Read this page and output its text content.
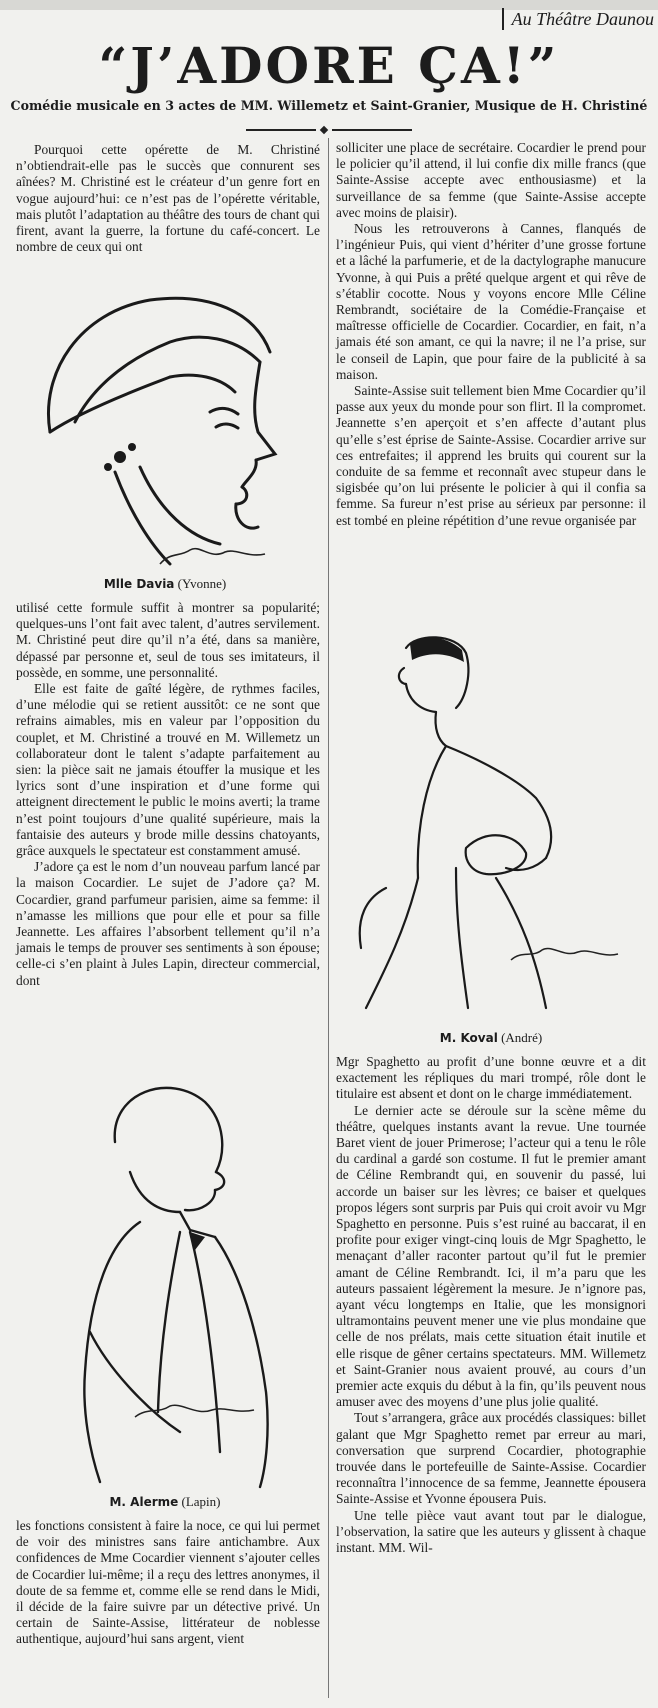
Au Théâtre Daunou
“J’ADORE ÇA!”
Comédie musicale en 3 actes de MM. Willemetz et Saint-Granier, Musique de H. Christiné

Pourquoi cette opérette de M. Christiné n’obtiendrait-elle pas le succès que connurent ses aînées? M. Christiné est le créateur d’un genre fort en vogue aujourd’hui: ce n’est pas de l’opérette véritable, mais plutôt l’adaptation au théâtre des tours de chant qui firent, avant la guerre, la fortune du café-concert. Le nombre de ceux qui ont

Mlle Davia (Yvonne)

utilisé cette formule suffit à montrer sa popularité; quelques-uns l’ont fait avec talent, d’autres servilement. M. Christiné peut dire qu’il n’a été, dans sa manière, dépassé par personne et, seul de tous ses imitateurs, il possède, en somme, une personnalité.

Elle est faite de gaîté légère, de rythmes faciles, d’une mélodie qui se retient aussitôt: ce ne sont que refrains aimables, mis en valeur par l’opposition du couplet, et M. Christiné a trouvé en M. Willemetz un collaborateur dont le talent s’adapte parfaitement au sien: la pièce sait ne jamais étouffer la musique et les lyrics sont d’une inspiration et d’une forme qui atteignent directement le public le moins averti; la trame n’est point toujours d’une qualité supérieure, mais la fantaisie des auteurs y brode mille dessins chatoyants, grâce auxquels le spectateur est constamment amusé.

J’adore ça est le nom d’un nouveau parfum lancé par la maison Cocardier. Le sujet de J’adore ça? M. Cocardier, grand parfumeur parisien, aime sa femme: il n’amasse les millions que pour elle et pour sa fille Jeannette. Les affaires l’absorbent tellement qu’il n’a jamais le temps de prouver ses sentiments à son épouse; celle-ci s’en plaint à Jules Lapin, directeur commercial, dont

M. Alerme (Lapin)

les fonctions consistent à faire la noce, ce qui lui permet de voir des ministres sans faire antichambre. Aux confidences de Mme Cocardier viennent s’ajouter celles de Cocardier lui-même; il a reçu des lettres anonymes, il doute de sa femme et, comme elle se rend dans le Midi, il décide de la faire suivre par un détective privé. Un certain de Sainte-Assise, littérateur de noblesse authentique, aujourd’hui sans argent, vient

solliciter une place de secrétaire. Cocardier le prend pour le policier qu’il attend, il lui confie dix mille francs (que Sainte-Assise accepte avec enthousiasme) et la surveillance de sa femme (que Sainte-Assise accepte avec moins de plaisir).

Nous les retrouverons à Cannes, flanqués de l’ingénieur Puis, qui vient d’hériter d’une grosse fortune et a lâché la parfumerie, et de la dactylographe manucure Yvonne, à qui Puis a prêté quelque argent et qui rêve de s’établir cocotte. Nous y voyons encore Mlle Céline Rembrandt, sociétaire de la Comédie-Française et maîtresse officielle de Cocardier. Cocardier, en fait, n’a jamais été son amant, ce qui la navre; il ne l’a prise, sur le conseil de Lapin, que pour faire de la publicité à sa maison.

Sainte-Assise suit tellement bien Mme Cocardier qu’il passe aux yeux du monde pour son flirt. Il la compromet. Jeannette s’en aperçoit et s’en affecte d’autant plus qu’elle s’est éprise de Sainte-Assise. Cocardier arrive sur ces entrefaites; il apprend les bruits qui courent sur la conduite de sa femme et reconnaît avec stupeur dans le sigisbée qu’on lui présente le policier à qui il confia sa femme. Sa fureur n’est prise au sérieux par personne: il est tombé en pleine répétition d’une revue organisée par

M. Koval (André)

Mgr Spaghetto au profit d’une bonne œuvre et a dit exactement les répliques du mari trompé, rôle dont le titulaire est absent et dont on le charge immédiatement.

Le dernier acte se déroule sur la scène même du théâtre, quelques instants avant la revue. Une tournée Baret vient de jouer Primerose; l’acteur qui a tenu le rôle du cardinal a gardé son costume. Il fut le premier amant de Céline Rembrandt qui, en souvenir du passé, lui accorde un baiser sur les lèvres; ce baiser et quelques propos légers sont surpris par Puis qui croit avoir vu Mgr Spaghetto en personne. Puis s’est ruiné au baccarat, il en profite pour exiger vingt-cinq louis de Mgr Spaghetto, le menaçant d’aller raconter partout qu’il fut le premier amant de Céline Rembrandt. Ici, il m’a paru que les auteurs passaient légèrement la mesure. Je n’ignore pas, ayant vécu longtemps en Italie, que les monsignori ultramontains peuvent mener une vie plus mondaine que celle de nos prélats, mais cette situation était inutile et elle risque de gêner certains spectateurs. MM. Willemetz et Saint-Granier nous avaient prouvé, au cours d’un premier acte exquis du début à la fin, qu’ils peuvent nous amuser avec des moyens d’une plus jolie qualité.

Tout s’arrangera, grâce aux procédés classiques: billet galant que Mgr Spaghetto remet par erreur au mari, conversation que surprend Cocardier, photographie trouvée dans le portefeuille de Sainte-Assise. Cocardier reconnaîtra l’innocence de sa femme, Jeannette épousera Sainte-Assise et Yvonne épousera Puis.

Une telle pièce vaut avant tout par le dialogue, l’observation, la satire que les auteurs y glissent à chaque instant. MM. Wil-
